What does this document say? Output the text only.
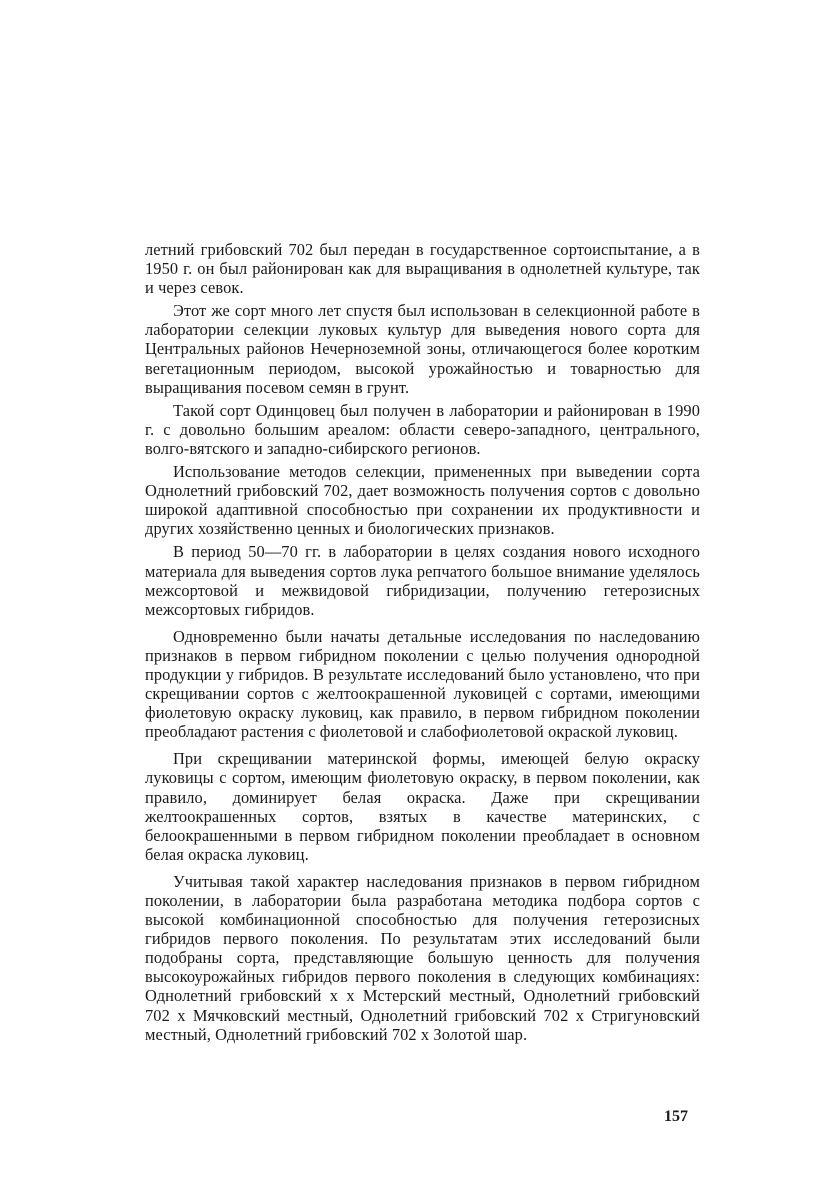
летний грибовский 702 был передан в государственное сортоиспытание, а в 1950 г. он был районирован как для выращивания в однолетней культуре, так и через севок.

Этот же сорт много лет спустя был использован в селекционной работе в лаборатории селекции луковых культур для выведения нового сорта для Центральных районов Нечерноземной зоны, отличающегося более коротким вегетационным периодом, высокой урожайностью и товарностью для выращивания посевом семян в грунт.

Такой сорт Одинцовец был получен в лаборатории и районирован в 1990 г. с довольно большим ареалом: области северо-западного, центрального, волго-вятского и западно-сибирского регионов.

Использование методов селекции, примененных при выведении сорта Однолетний грибовский 702, дает возможность получения сортов с довольно широкой адаптивной способностью при сохранении их продуктивности и других хозяйственно ценных и биологических признаков.

В период 50—70 гг. в лаборатории в целях создания нового исходного материала для выведения сортов лука репчатого большое внимание уделялось межсортовой и межвидовой гибридизации, получению гетерозисных межсортовых гибридов.

Одновременно были начаты детальные исследования по наследованию признаков в первом гибридном поколении с целью получения однородной продукции у гибридов. В результате исследований было установлено, что при скрещивании сортов с желтоокрашенной луковицей с сортами, имеющими фиолетовую окраску луковиц, как правило, в первом гибридном поколении преобладают растения с фиолетовой и слабофиолетовой окраской луковиц.

При скрещивании материнской формы, имеющей белую окраску луковицы с сортом, имеющим фиолетовую окраску, в первом поколении, как правило, доминирует белая окраска. Даже при скрещивании желтоокрашенных сортов, взятых в качестве материнских, с белоокрашенными в первом гибридном поколении преобладает в основном белая окраска луковиц.

Учитывая такой характер наследования признаков в первом гибридном поколении, в лаборатории была разработана методика подбора сортов с высокой комбинационной способностью для получения гетерозисных гибридов первого поколения. По результатам этих исследований были подобраны сорта, представляющие большую ценность для получения высокоурожайных гибридов первого поколения в следующих комбинациях: Однолетний грибовский х х Мстерский местный, Однолетний грибовский 702 х Мячковский местный, Однолетний грибовский 702 х Стригуновский местный, Однолетний грибовский 702 х Золотой шар.

157
